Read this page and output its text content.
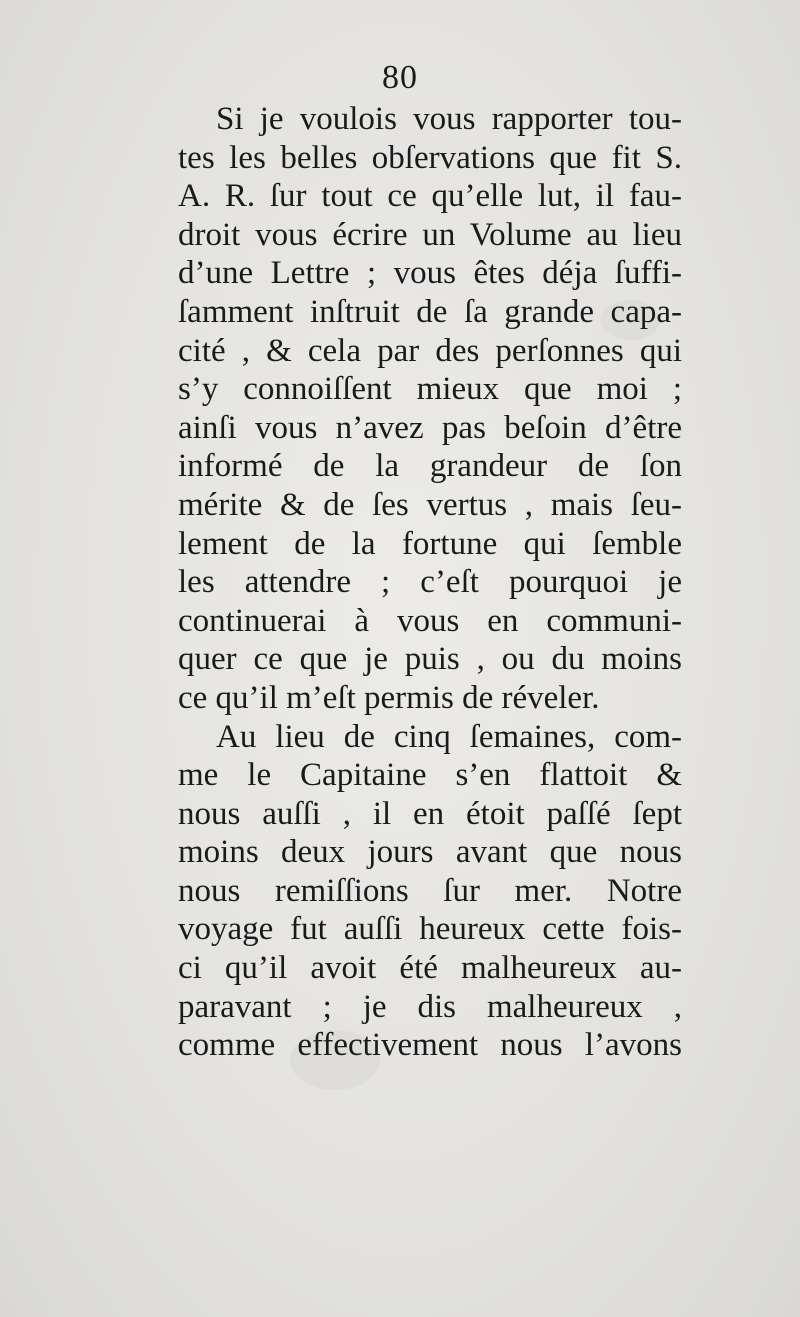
80
Si je voulois vous rapporter tou-
tes les belles obſervations que fit S.
A. R. ſur tout ce qu’elle lut, il fau-
droit vous écrire un Volume au lieu
d’une Lettre ; vous êtes déja ſuffi-
ſamment inſtruit de ſa grande capa-
cité , & cela par des perſonnes qui
s’y connoiſſent mieux que moi ;
ainſi vous n’avez pas beſoin d’être
informé de la grandeur de ſon
mérite & de ſes vertus , mais ſeu-
lement de la fortune qui ſemble
les attendre ; c’eſt pourquoi je
continuerai à vous en communi-
quer ce que je puis , ou du moins
ce qu’il m’eſt permis de réveler.
Au lieu de cinq ſemaines, com-
me le Capitaine s’en flattoit &
nous auſſi , il en étoit paſſé ſept
moins deux jours avant que nous
nous remiſſions ſur mer. Notre
voyage fut auſſi heureux cette fois-
ci qu’il avoit été malheureux au-
paravant ; je dis malheureux ,
comme effectivement nous l’avons
